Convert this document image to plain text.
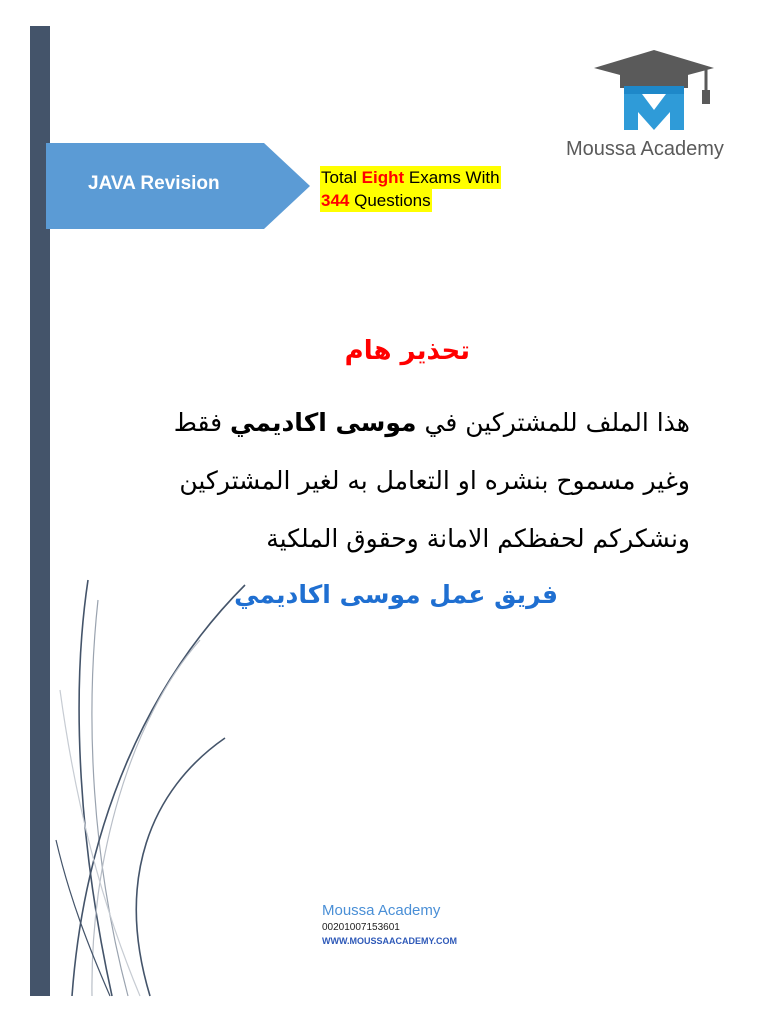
JAVA Revision	Total Eight Exams With
344 Questions
Moussa Academy
تحذير هام
هذا الملف للمشتركين في موسى اكاديمي فقط
وغير مسموح بنشره او التعامل به لغير المشتركين
ونشكركم لحفظكم الامانة وحقوق الملكية
فريق عمل موسى اكاديمي
Moussa Academy
00201007153601
WWW.MOUSSAACADEMY.COM
